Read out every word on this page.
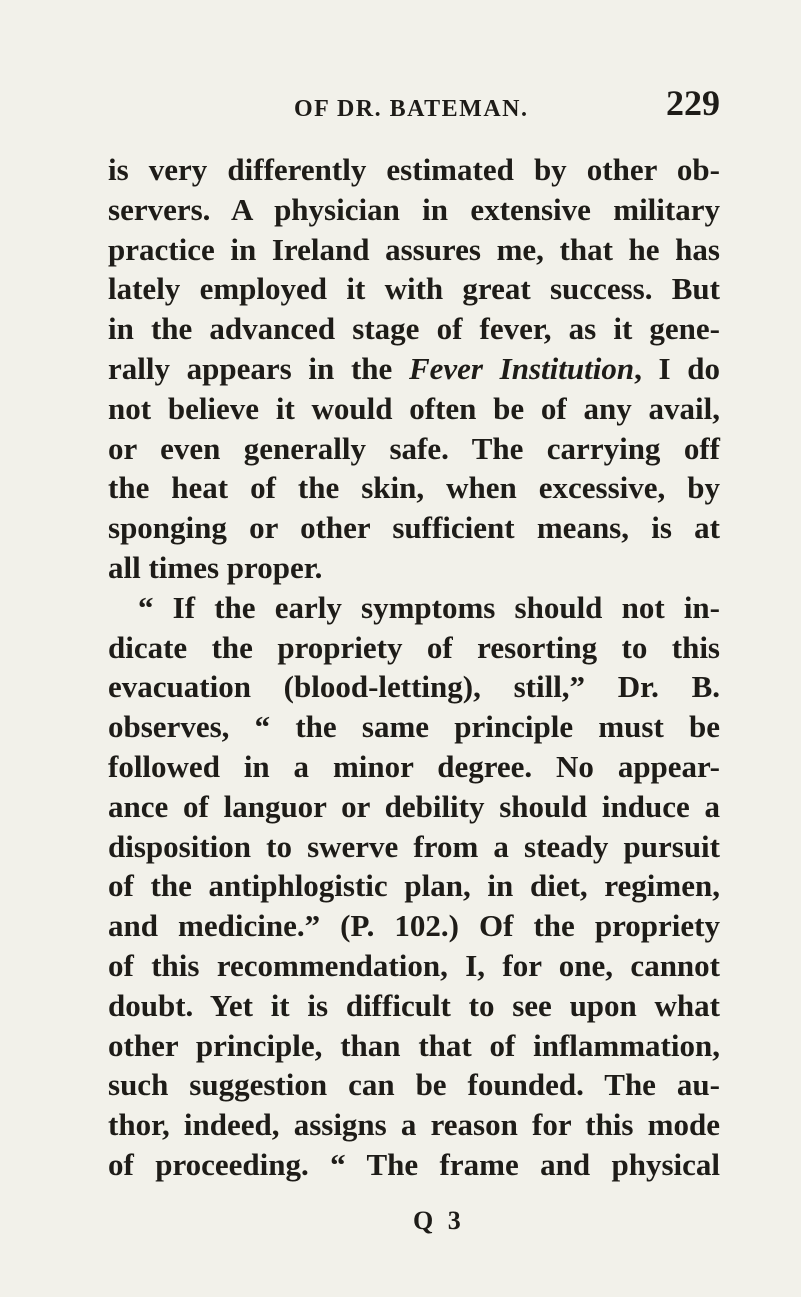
OF DR. BATEMAN.	229
is very differently estimated by other ob-
servers. A physician in extensive military
practice in Ireland assures me, that he has
lately employed it with great success. But
in the advanced stage of fever, as it gene-
rally appears in the Fever Institution, I do
not believe it would often be of any avail,
or even generally safe. The carrying off
the heat of the skin, when excessive, by
sponging or other sufficient means, is at
all times proper.
“ If the early symptoms should not in-
dicate the propriety of resorting to this
evacuation (blood-letting), still,” Dr. B.
observes, “ the same principle must be
followed in a minor degree. No appear-
ance of languor or debility should induce a
disposition to swerve from a steady pursuit
of the antiphlogistic plan, in diet, regimen,
and medicine.” (P. 102.) Of the propriety
of this recommendation, I, for one, cannot
doubt. Yet it is difficult to see upon what
other principle, than that of inflammation,
such suggestion can be founded. The au-
thor, indeed, assigns a reason for this mode
of proceeding. “ The frame and physical
Q 3
